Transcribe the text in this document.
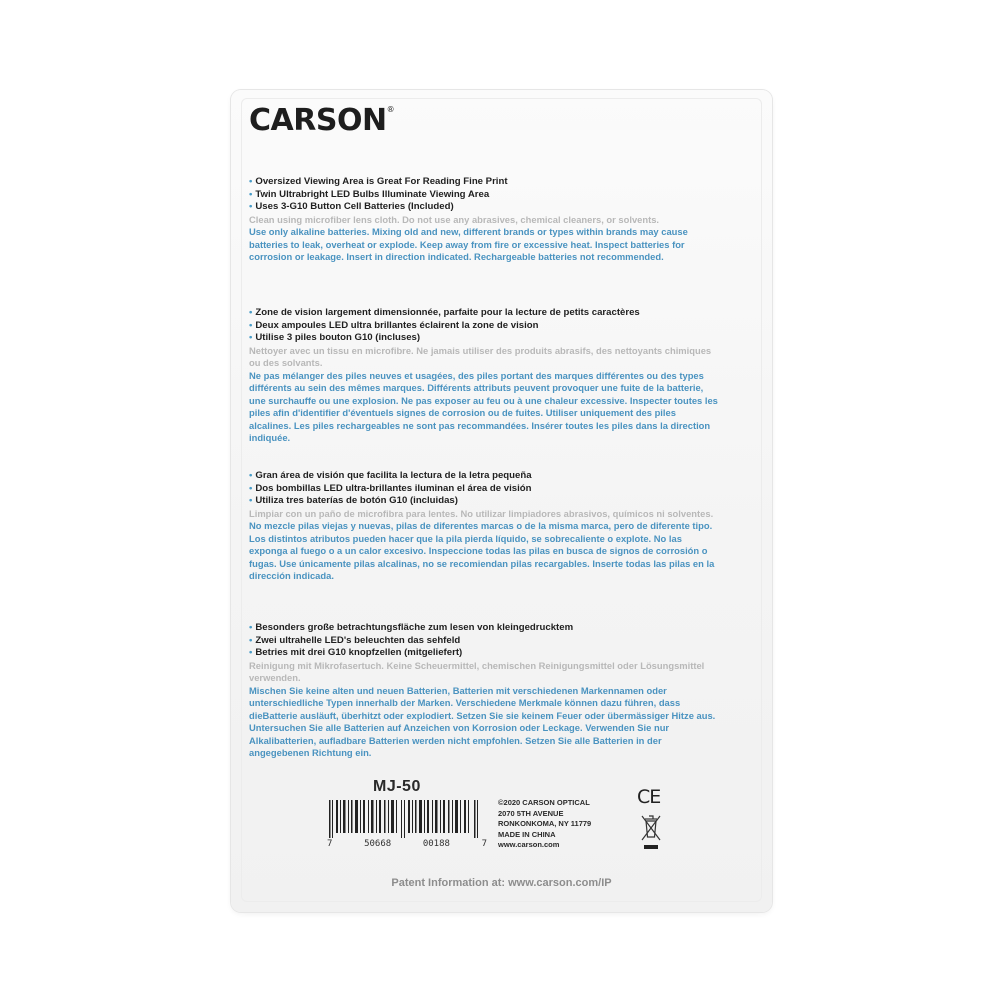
CARSON®
• Oversized Viewing Area is Great For Reading Fine Print
• Twin Ultrabright LED Bulbs Illuminate Viewing Area
• Uses 3-G10 Button Cell Batteries (Included)
Clean using microfiber lens cloth. Do not use any abrasives, chemical cleaners, or solvents.
Use only alkaline batteries. Mixing old and new, different brands or types within brands may cause batteries to leak, overheat or explode. Keep away from fire or excessive heat. Inspect batteries for corrosion or leakage. Insert in direction indicated. Rechargeable batteries not recommended.
• Zone de vision largement dimensionnée, parfaite pour la lecture de petits caractères
• Deux ampoules LED ultra brillantes éclairent la zone de vision
• Utilise 3 piles bouton G10 (incluses)
Nettoyer avec un tissu en microfibre. Ne jamais utiliser des produits abrasifs, des nettoyants chimiques ou des solvants.
Ne pas mélanger des piles neuves et usagées, des piles portant des marques différentes ou des types différents au sein des mêmes marques. Différents attributs peuvent provoquer une fuite de la batterie, une surchauffe ou une explosion. Ne pas exposer au feu ou à une chaleur excessive. Inspecter toutes les piles afin d'identifier d'éventuels signes de corrosion ou de fuites. Utiliser uniquement des piles alcalines. Les piles rechargeables ne sont pas recommandées. Insérer toutes les piles dans la direction indiquée.
• Gran área de visión que facilita la lectura de la letra pequeña
• Dos bombillas LED ultra-brillantes iluminan el área de visión
• Utiliza tres baterías de botón G10 (incluidas)
Limpiar con un paño de microfibra para lentes. No utilizar limpiadores abrasivos, químicos ni solventes.
No mezcle pilas viejas y nuevas, pilas de diferentes marcas o de la misma marca, pero de diferente tipo. Los distintos atributos pueden hacer que la pila pierda líquido, se sobrecaliente o explote. No las exponga al fuego o a un calor excesivo. Inspeccione todas las pilas en busca de signos de corrosión o fugas. Use únicamente pilas alcalinas, no se recomiendan pilas recargables. Inserte todas las pilas en la dirección indicada.
• Besonders große betrachtungsfläche zum lesen von kleingedrucktem
• Zwei ultrahelle LED's beleuchten das sehfeld
• Betries mit drei G10 knopfzellen (mitgeliefert)
Reinigung mit Mikrofasertuch. Keine Scheuermittel, chemischen Reinigungsmittel oder Lösungsmittel verwenden.
Mischen Sie keine alten und neuen Batterien, Batterien mit verschiedenen Markennamen oder unterschiedliche Typen innerhalb der Marken. Verschiedene Merkmale können dazu führen, dass dieBatterie ausläuft, überhitzt oder explodiert. Setzen Sie sie keinem Feuer oder übermässiger Hitze aus. Untersuchen Sie alle Batterien auf Anzeichen von Korrosion oder Leckage. Verwenden Sie nur Alkalibatterien, aufladbare Batterien werden nicht empfohlen. Setzen Sie alle Batterien in der angegebenen Richtung ein.
MJ-50
7	50668	00188	7
©2020 CARSON OPTICAL
2070 5TH AVENUE
RONKONKOMA, NY 11779
MADE IN CHINA
www.carson.com
CE
Patent Information at: www.carson.com/IP
